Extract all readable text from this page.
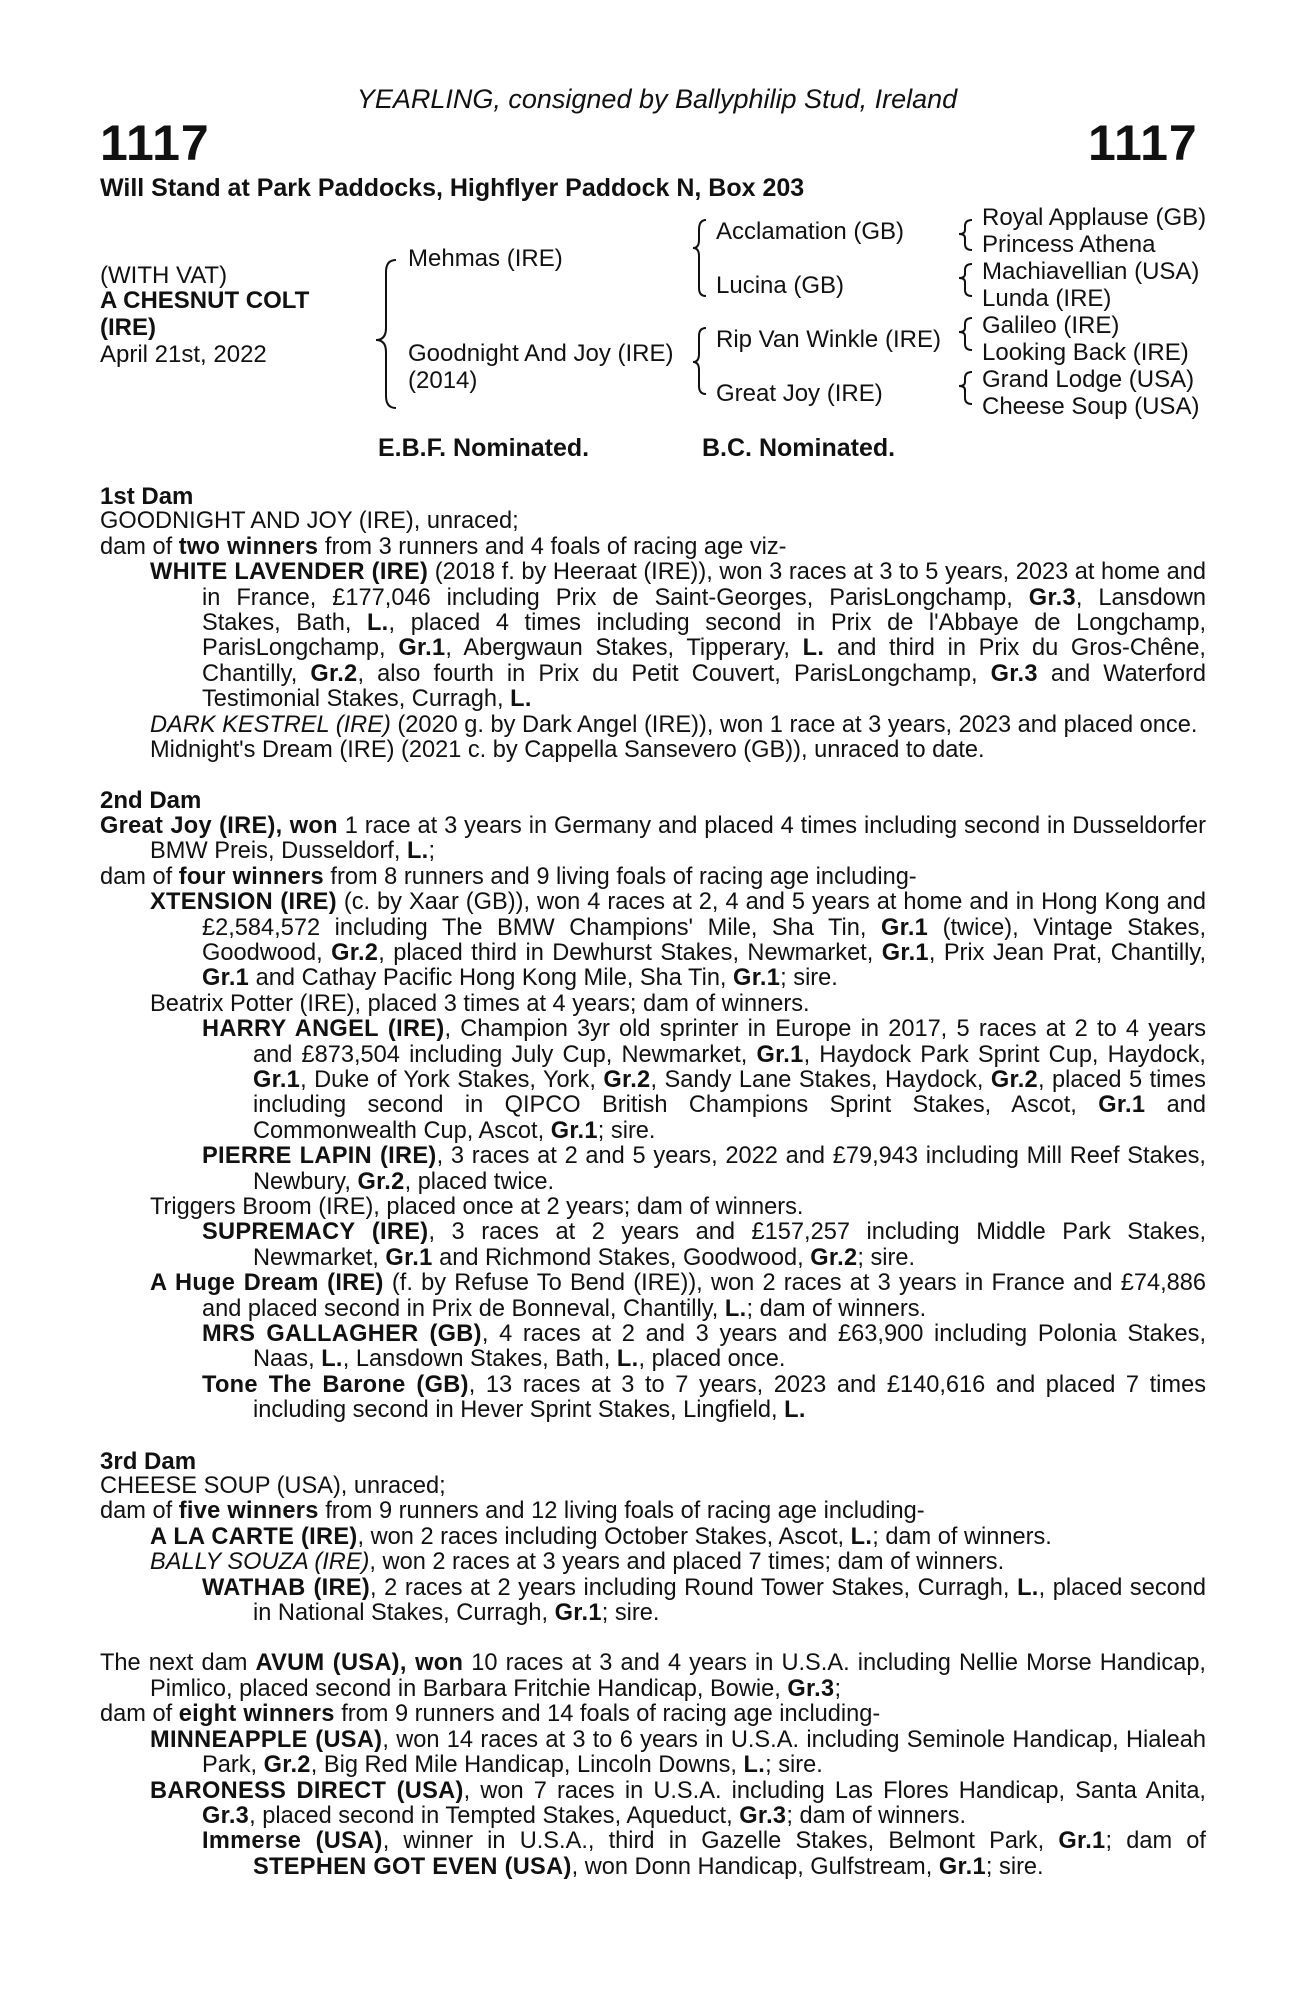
YEARLING, consigned by Ballyphilip Stud, Ireland
1117	1117
Will Stand at Park Paddocks, Highflyer Paddock N, Box 203
(WITH VAT)
A CHESNUT COLT
(IRE)
April 21st, 2022
Mehmas (IRE)
Goodnight And Joy (IRE)
(2014)
Acclamation (GB)
Lucina (GB)
Rip Van Winkle (IRE)
Great Joy (IRE)
Royal Applause (GB)
Princess Athena
Machiavellian (USA)
Lunda (IRE)
Galileo (IRE)
Looking Back (IRE)
Grand Lodge (USA)
Cheese Soup (USA)
E.B.F. Nominated.	B.C. Nominated.
1st Dam
GOODNIGHT AND JOY (IRE), unraced;
dam of two winners from 3 runners and 4 foals of racing age viz-
WHITE LAVENDER (IRE) (2018 f. by Heeraat (IRE)), won 3 races at 3 to 5 years, 2023 at home and in France, £177,046 including Prix de Saint-Georges, ParisLongchamp, Gr.3, Lansdown Stakes, Bath, L., placed 4 times including second in Prix de l'Abbaye de Longchamp, ParisLongchamp, Gr.1, Abergwaun Stakes, Tipperary, L. and third in Prix du Gros-Chêne, Chantilly, Gr.2, also fourth in Prix du Petit Couvert, ParisLongchamp, Gr.3 and Waterford Testimonial Stakes, Curragh, L.
DARK KESTREL (IRE) (2020 g. by Dark Angel (IRE)), won 1 race at 3 years, 2023 and placed once.
Midnight's Dream (IRE) (2021 c. by Cappella Sansevero (GB)), unraced to date.
2nd Dam
Great Joy (IRE), won 1 race at 3 years in Germany and placed 4 times including second in Dusseldorfer BMW Preis, Dusseldorf, L.;
dam of four winners from 8 runners and 9 living foals of racing age including-
XTENSION (IRE) (c. by Xaar (GB)), won 4 races at 2, 4 and 5 years at home and in Hong Kong and £2,584,572 including The BMW Champions' Mile, Sha Tin, Gr.1 (twice), Vintage Stakes, Goodwood, Gr.2, placed third in Dewhurst Stakes, Newmarket, Gr.1, Prix Jean Prat, Chantilly, Gr.1 and Cathay Pacific Hong Kong Mile, Sha Tin, Gr.1; sire.
Beatrix Potter (IRE), placed 3 times at 4 years; dam of winners.
HARRY ANGEL (IRE), Champion 3yr old sprinter in Europe in 2017, 5 races at 2 to 4 years and £873,504 including July Cup, Newmarket, Gr.1, Haydock Park Sprint Cup, Haydock, Gr.1, Duke of York Stakes, York, Gr.2, Sandy Lane Stakes, Haydock, Gr.2, placed 5 times including second in QIPCO British Champions Sprint Stakes, Ascot, Gr.1 and Commonwealth Cup, Ascot, Gr.1; sire.
PIERRE LAPIN (IRE), 3 races at 2 and 5 years, 2022 and £79,943 including Mill Reef Stakes, Newbury, Gr.2, placed twice.
Triggers Broom (IRE), placed once at 2 years; dam of winners.
SUPREMACY (IRE), 3 races at 2 years and £157,257 including Middle Park Stakes, Newmarket, Gr.1 and Richmond Stakes, Goodwood, Gr.2; sire.
A Huge Dream (IRE) (f. by Refuse To Bend (IRE)), won 2 races at 3 years in France and £74,886 and placed second in Prix de Bonneval, Chantilly, L.; dam of winners.
MRS GALLAGHER (GB), 4 races at 2 and 3 years and £63,900 including Polonia Stakes, Naas, L., Lansdown Stakes, Bath, L., placed once.
Tone The Barone (GB), 13 races at 3 to 7 years, 2023 and £140,616 and placed 7 times including second in Hever Sprint Stakes, Lingfield, L.
3rd Dam
CHEESE SOUP (USA), unraced;
dam of five winners from 9 runners and 12 living foals of racing age including-
A LA CARTE (IRE), won 2 races including October Stakes, Ascot, L.; dam of winners.
BALLY SOUZA (IRE), won 2 races at 3 years and placed 7 times; dam of winners.
WATHAB (IRE), 2 races at 2 years including Round Tower Stakes, Curragh, L., placed second in National Stakes, Curragh, Gr.1; sire.
The next dam AVUM (USA), won 10 races at 3 and 4 years in U.S.A. including Nellie Morse Handicap, Pimlico, placed second in Barbara Fritchie Handicap, Bowie, Gr.3;
dam of eight winners from 9 runners and 14 foals of racing age including-
MINNEAPPLE (USA), won 14 races at 3 to 6 years in U.S.A. including Seminole Handicap, Hialeah Park, Gr.2, Big Red Mile Handicap, Lincoln Downs, L.; sire.
BARONESS DIRECT (USA), won 7 races in U.S.A. including Las Flores Handicap, Santa Anita, Gr.3, placed second in Tempted Stakes, Aqueduct, Gr.3; dam of winners.
Immerse (USA), winner in U.S.A., third in Gazelle Stakes, Belmont Park, Gr.1; dam of STEPHEN GOT EVEN (USA), won Donn Handicap, Gulfstream, Gr.1; sire.
